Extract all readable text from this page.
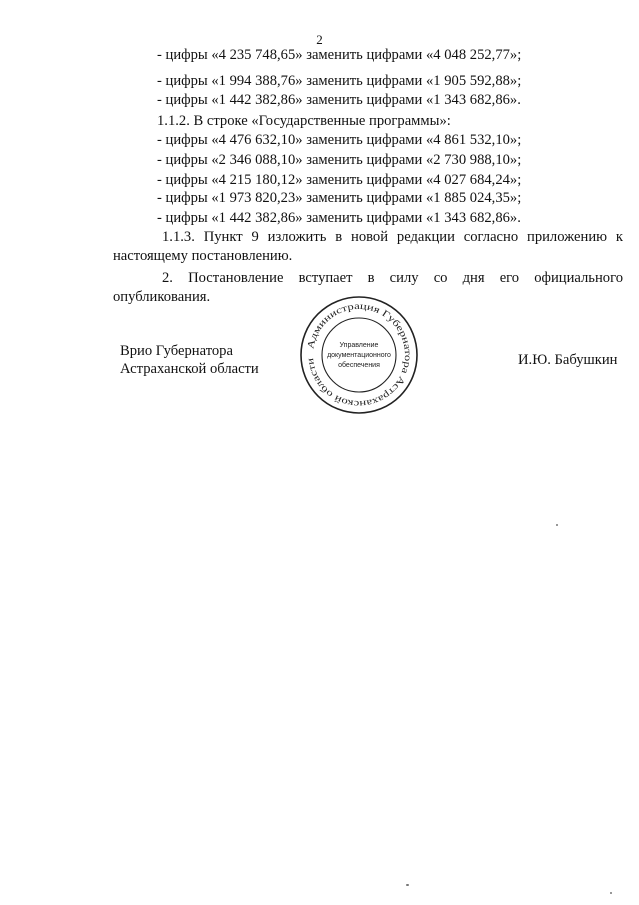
2
- цифры «4 235 748,65» заменить цифрами «4 048 252,77»;
- цифры «1 994 388,76» заменить цифрами «1 905 592,88»;
- цифры «1 442 382,86» заменить цифрами «1 343 682,86».
1.1.2. В строке «Государственные программы»:
- цифры «4 476 632,10» заменить цифрами «4 861 532,10»;
- цифры «2 346 088,10» заменить цифрами «2 730 988,10»;
- цифры «4 215 180,12» заменить цифрами «4 027 684,24»;
- цифры «1 973 820,23» заменить цифрами «1 885 024,35»;
- цифры «1 442 382,86» заменить цифрами «1 343 682,86».
1.1.3. Пункт 9 изложить в новой редакции согласно приложению к
настоящему постановлению.
2. Постановление вступает в силу со дня его официального
опубликования.
Врио Губернатора
Астраханской области
Администрация Губернатора Астраханской области
Управление
документационного
обеспечения	И.Ю. Бабушкин
